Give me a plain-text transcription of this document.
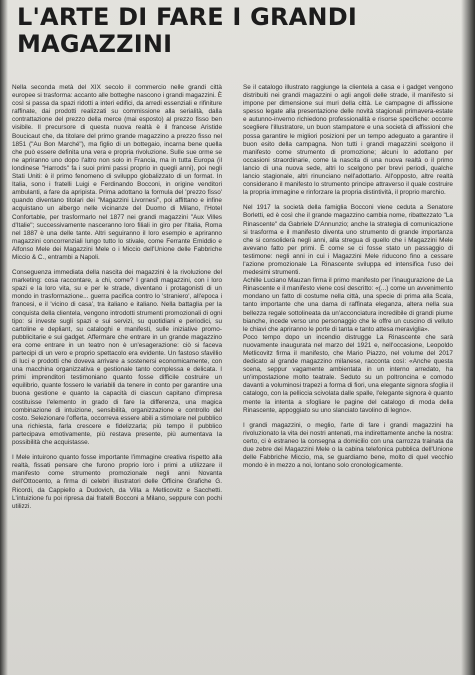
L'ARTE DI FARE I GRANDI MAGAZZINI

Nella seconda metà del XIX secolo il commercio nelle grandi città europee si trasforma: accanto alle botteghe nascono i grandi magazzini. È così si passa da spazi ridotti a interi edifici, da arredi essenziali e rifiniture raffinate, dai prodotti realizzati su commissione alla serialità, dalla contrattazione del prezzo della merce (mai esposto) al prezzo fisso ben visibile. Il precursore di questa nuova realtà è il francese Aristide Boucicaut che, da titolare del primo grande magazzino a prezzo fisso nel 1851 ("Au Bon Marché"), ma figlio di un bottegaio, incarna bene quella che può essere definita una vera e propria rivoluzione. Sulle sue orme se ne apriranno uno dopo l'altro non solo in Francia, ma in tutta Europa (il londinese "Harrods" fa i suoi primi passi proprio in quegli anni), poi negli Stati Uniti: è il primo fenomeno di sviluppo globalizzato di un format. In Italia, sono i fratelli Luigi e Ferdinando Bocconi, in origine venditori ambulanti, a fare da apripista. Prima adottano la formula del 'prezzo fisso' quando diventano titolari dei "Magazzini Livornesi", poi affittano e infine acquistano un albergo nelle vicinanze del Duomo di Milano, l'Hotel Confortable, per trasformarlo nel 1877 nei grandi magazzini "Aux Villes d'Italie"; successivamente nasceranno loro filiali in giro per l'Italia, Roma nel 1887 è una delle tante. Altri seguiranno il loro esempio e apriranno magazzini concorrenziali lungo tutto lo stivale, come Ferrante Emiddio e Alfonso Mele dei Magazzini Mele o i Miccio dell'Unione delle Fabbriche Miccio & C., entrambi a Napoli.

Conseguenza immediata della nascita dei magazzini è la rivoluzione del marketing: cosa raccontare, a chi, come? I grandi magazzini, con i loro spazi e la loro vita, su e per le strade, diventano i protagonisti di un mondo in trasformazione... guerra pacifica contro lo 'straniero', all'epoca i francesi, e il 'vicino di casa', tra italiano e italiano. Nella battaglia per la conquista della clientela, vengono introdotti strumenti promozionali di ogni tipo: si investe sugli spazi e sui servizi, su quotidiani e periodici, su cartoline e depliant, su cataloghi e manifesti, sulle iniziative promo-pubblicitarie e sui gadget. Affermare che entrare in un grande magazzino era come entrare in un teatro non è un'esagerazione: ciò si faceva partecipi di un vero e proprio spettacolo era evidente. Un fastoso sfavillio di luci e prodotti che doveva arrivare a sostenersi economicamente, con una macchina organizzativa e gestionale tanto complessa e delicata. I primi imprenditori testimoniano quanto fosse difficile costruire un equilibrio, quante fossero le variabili da tenere in conto per garantire una buona gestione e quanto la capacità di ciascun capitano d'impresa costituisse l'elemento in grado di fare la differenza, una magica combinazione di intuizione, sensibilità, organizzazione e controllo del costo. Selezionare l'offerta, occorreva essere abili a stimolare nel pubblico una richiesta, farla crescere e fidelizzarla; più tempo il pubblico partecipava emotivamente, più restava presente, più aumentava la possibilità che acquistasse.

I Mele intuirono quanto fosse importante l'immagine creativa rispetto alla realtà, fissati pensare che furono proprio loro i primi a utilizzare il manifesto come strumento promozionale negli anni Novanta dell'Ottocento, a firma di celebri illustratori delle Officine Grafiche G. Ricordi, da Cappiello a Dudovich, da Villa a Metlicovitz e Sacchetti. L'intuizione fu poi ripresa dai fratelli Bocconi a Milano, seppure con pochi utilizzi.

Se il catalogo illustrato raggiunge la clientela a casa e i gadget vengono distribuiti nei grandi magazzini o agli angoli delle strade, il manifesto si impone per dimensione sui muri della città. Le campagne di affissione spesso legate alla presentazione delle novità stagionali primavera-estate e autunno-inverno richiedono professionalità e risorse specifiche: occorre scegliere l'illustratore, un buon stampatore e una società di affissioni che possa garantire le migliori posizioni per un tempo adeguato a garantire il buon esito della campagna. Non tutti i grandi magazzini scelgono il manifesto come strumento di promozione; alcuni lo adottano per occasioni straordinarie, come la nascita di una nuova realtà o il primo lancio di una nuova sede, altri lo scelgono per brevi periodi, qualche lancio stagionale, altri rinunciano nell'adottarlo. All'opposto, altre realtà considerano il manifesto lo strumento principe attraverso il quale costruire la propria immagine e rinforzare la propria distintività, il proprio marchio.

Nel 1917 la società della famiglia Bocconi viene ceduta a Senatore Borletti, ed è così che il grande magazzino cambia nome, ribattezzato "La Rinascente" da Gabriele D'Annunzio; anche la strategia di comunicazione si trasforma e il manifesto diventa uno strumento di grande importanza che si consoliderà negli anni, alla stregua di quello che i Magazzini Mele avevano fatto per primi. È come se ci fosse stato un passaggio di testimone: negli anni in cui i Magazzini Mele riducono fino a cessare l'azione promozionale La Rinascente sviluppa ed intensifica l'uso dei medesimi strumenti.

Achille Luciano Mauzan firma il primo manifesto per l'inaugurazione de La Rinascente e il manifesto viene così descritto: «(...) come un avvenimento mondano un fatto di costume nella città, una specie di prima alla Scala, tanto importante che una dama di raffinata eleganza, altera nella sua bellezza regale sottolineata da un'acconciatura incredibile di grandi piume bianche, incede verso uno personaggio che le offre un cuscino di velluto le chiavi che apriranno le porte di tanta e tanto attesa meraviglia».

Poco tempo dopo un incendio distrugge La Rinascente che sarà nuovamente inaugurata nel marzo del 1921 e, nell'occasione, Leopoldo Metlicovitz firma il manifesto, che Mario Piazzo, nel volume del 2017 dedicato al grande magazzino milanese, racconta così: «Anche questa scena, seppur vagamente ambientata in un interno arredato, ha un'impostazione molto teatrale. Seduto su un poltroncina e comodo davanti a voluminosi trapezi a forma di fiori, una elegante signora sfoglia il catalogo, con la pelliccia scivolata dalle spalle, l'elegante signora è quanto mente la intenta a sfogliare le pagine del catalogo di moda della Rinascente, appoggiato su uno slanciato tavolino di legno».

I grandi magazzini, o meglio, l'arte di fare i grandi magazzini ha rivoluzionato la vita dei nostri antenati, ma indirettamente anche la nostra: certo, ci è estraneo la consegna a domicilio con una carrozza trainata da due zebre dei Magazzini Mele o la cabina telefonica pubblica dell'Unione delle Fabbriche Miccio, ma, se guardiamo bene, molto di quel vecchio mondo è in mezzo a noi, lontano solo cronologicamente.
